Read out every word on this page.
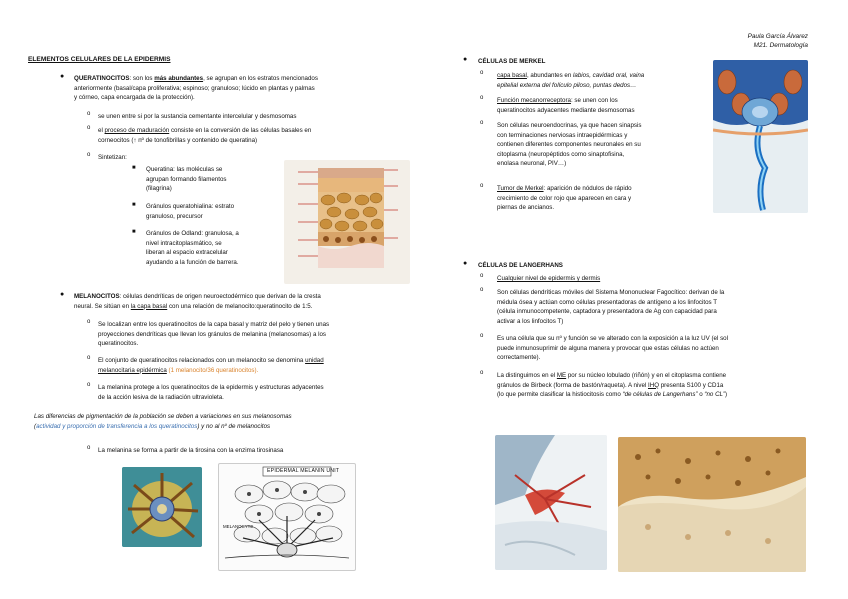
Paula García Álvarez
M21. Dermatología
ELEMENTOS CELULARES DE LA EPIDERMIS
● QUERATINOCITOS: son los más abundantes, se agrupan en los estratos mencionados
anteriormente (basal/capa proliferativa; espinoso; granuloso; lúcido en plantas y palmas
y córneo, capa encargada de la protección).
o se unen entre si por la sustancia cementante intercelular y desmosomas
o el proceso de maduración consiste en la conversión de las células basales en
corneocitos (↑ nº de tonofibrillas y contenido de queratina)
o Sintetizan:
■ Queratina: las moléculas se
agrupan formando filamentos
(filagrina)
■ Gránulos queratohialina: estrato
granuloso, precursor
■ Gránulos de Odland: granulosa, a
nivel intracitoplasmático, se
liberan al espacio extracelular
ayudando a la función de barrera.
● MELANOCITOS: células dendríticas de origen neuroectodérmico que derivan de la cresta
neural. Se sitúan en la capa basal con una relación de melanocito:queratinocito de 1:5.
o Se localizan entre los queratinocitos de la capa basal y matriz del pelo y tienen unas
proyecciones dendríticas que llevan los gránulos de melanina (melanosomas) a los
queratinocitos.
o El conjunto de queratinocitos relacionados con un melanocito se denomina unidad
melanocitaria epidérmica (1 melanocito/36 queratinocitos).
o La melanina protege a los queratinocitos de la epidermis y estructuras adyacentes
de la acción lesiva de la radiación ultravioleta.
Las diferencias de pigmentación de la población se deben a variaciones en sus melanosomas
(actividad y proporción de transferencia a los queratinocitos) y no al nº de melanocitos
o La melanina se forma a partir de la tirosina con la enzima tirosinasa
EPIDERMAL MELANIN UNIT
MELANOCYTE
● CÉLULAS DE MERKEL
o capa basal, abundantes en labios, cavidad oral, vaina
epitelial externa del folículo piloso, puntas dedos…
o Función mecanorreceptora: se unen con los
queratinocitos adyacentes mediante desmosomas
o Son células neuroendocrinas, ya que hacen sinapsis
con terminaciones nerviosas intraepidérmicas y
contienen diferentes componentes neuronales en su
citoplasma (neuropéptidos como sinaptofisina,
enolasa neuronal, PIV…)
o Tumor de Merkel: aparición de nódulos de rápido
crecimiento de color rojo que aparecen en cara y
piernas de ancianos.
● CÉLULAS DE LANGERHANS
o Cualquier nivel de epidermis y dermis
o Son células dendríticas móviles del Sistema Mononuclear Fagocítico: derivan de la
médula ósea y actúan como células presentadoras de antígeno a los linfocitos T
(célula inmunocompetente, captadora y presentadora de Ag con capacidad para
activar a los linfocitos T)
o Es una célula que su nº y función se ve alterado con la exposición a la luz UV (el sol
puede inmunosuprimir de alguna manera y provocar que estas células no actúen
correctamente).
o La distinguimos en el ME por su núcleo lobulado (riñón) y en el citoplasma contiene
gránulos de Birbeck (forma de bastón/raqueta). A nivel IHQ presenta S100 y CD1a
(lo que permite clasificar la histiocitosis como “de células de Langerhans” o “no CL”)
